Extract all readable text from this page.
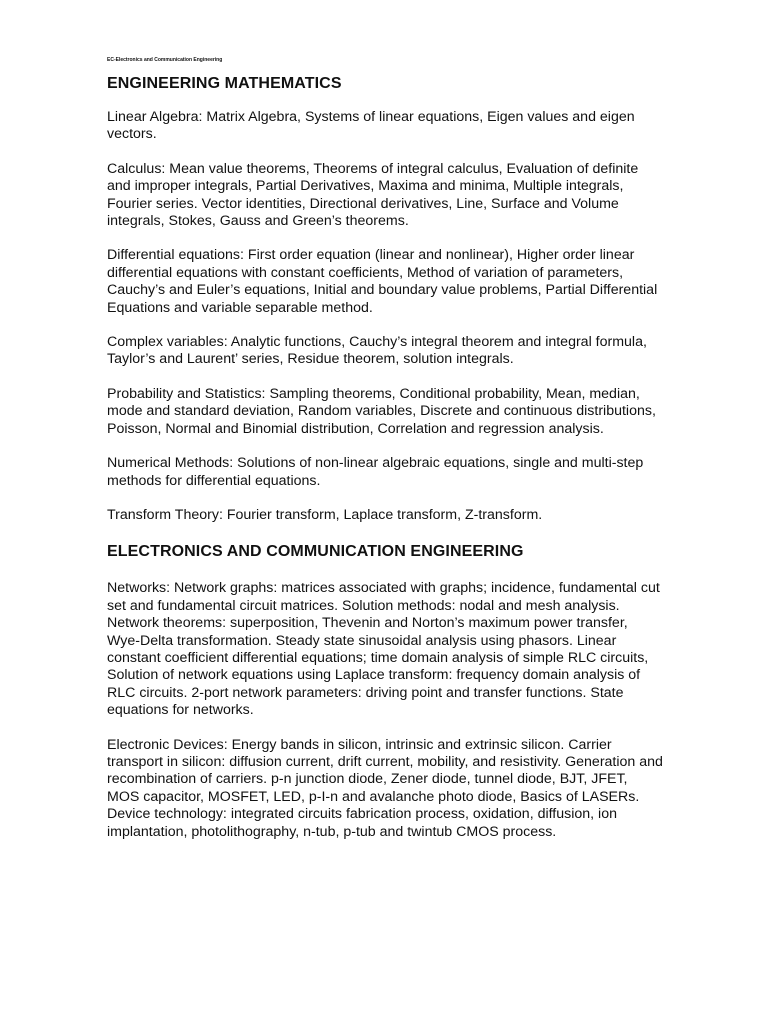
EC-Electronics and Communication Engineering
ENGINEERING MATHEMATICS

Linear Algebra: Matrix Algebra, Systems of linear equations, Eigen values and eigen vectors.

Calculus: Mean value theorems, Theorems of integral calculus, Evaluation of definite and improper integrals, Partial Derivatives, Maxima and minima, Multiple integrals, Fourier series. Vector identities, Directional derivatives, Line, Surface and Volume integrals, Stokes, Gauss and Green’s theorems.

Differential equations: First order equation (linear and nonlinear), Higher order linear differential equations with constant coefficients, Method of variation of parameters, Cauchy’s and Euler’s equations, Initial and boundary value problems, Partial Differential Equations and variable separable method.

Complex variables: Analytic functions, Cauchy’s integral theorem and integral formula, Taylor’s and Laurent’ series, Residue theorem, solution integrals.

Probability and Statistics: Sampling theorems, Conditional probability, Mean, median, mode and standard deviation, Random variables, Discrete and continuous distributions, Poisson, Normal and Binomial distribution, Correlation and regression analysis.

Numerical Methods: Solutions of non-linear algebraic equations, single and multi-step methods for differential equations.

Transform Theory: Fourier transform, Laplace transform, Z-transform.

ELECTRONICS AND COMMUNICATION ENGINEERING

Networks: Network graphs: matrices associated with graphs; incidence, fundamental cut set and fundamental circuit matrices. Solution methods: nodal and mesh analysis. Network theorems: superposition, Thevenin and Norton’s maximum power transfer, Wye-Delta transformation. Steady state sinusoidal analysis using phasors. Linear constant coefficient differential equations; time domain analysis of simple RLC circuits, Solution of network equations using Laplace transform: frequency domain analysis of RLC circuits. 2-port network parameters: driving point and transfer functions. State equations for networks.

Electronic Devices: Energy bands in silicon, intrinsic and extrinsic silicon. Carrier transport in silicon: diffusion current, drift current, mobility, and resistivity. Generation and recombination of carriers. p-n junction diode, Zener diode, tunnel diode, BJT, JFET, MOS capacitor, MOSFET, LED, p-I-n and avalanche photo diode, Basics of LASERs. Device technology: integrated circuits fabrication process, oxidation, diffusion, ion implantation, photolithography, n-tub, p-tub and twintub CMOS process.
